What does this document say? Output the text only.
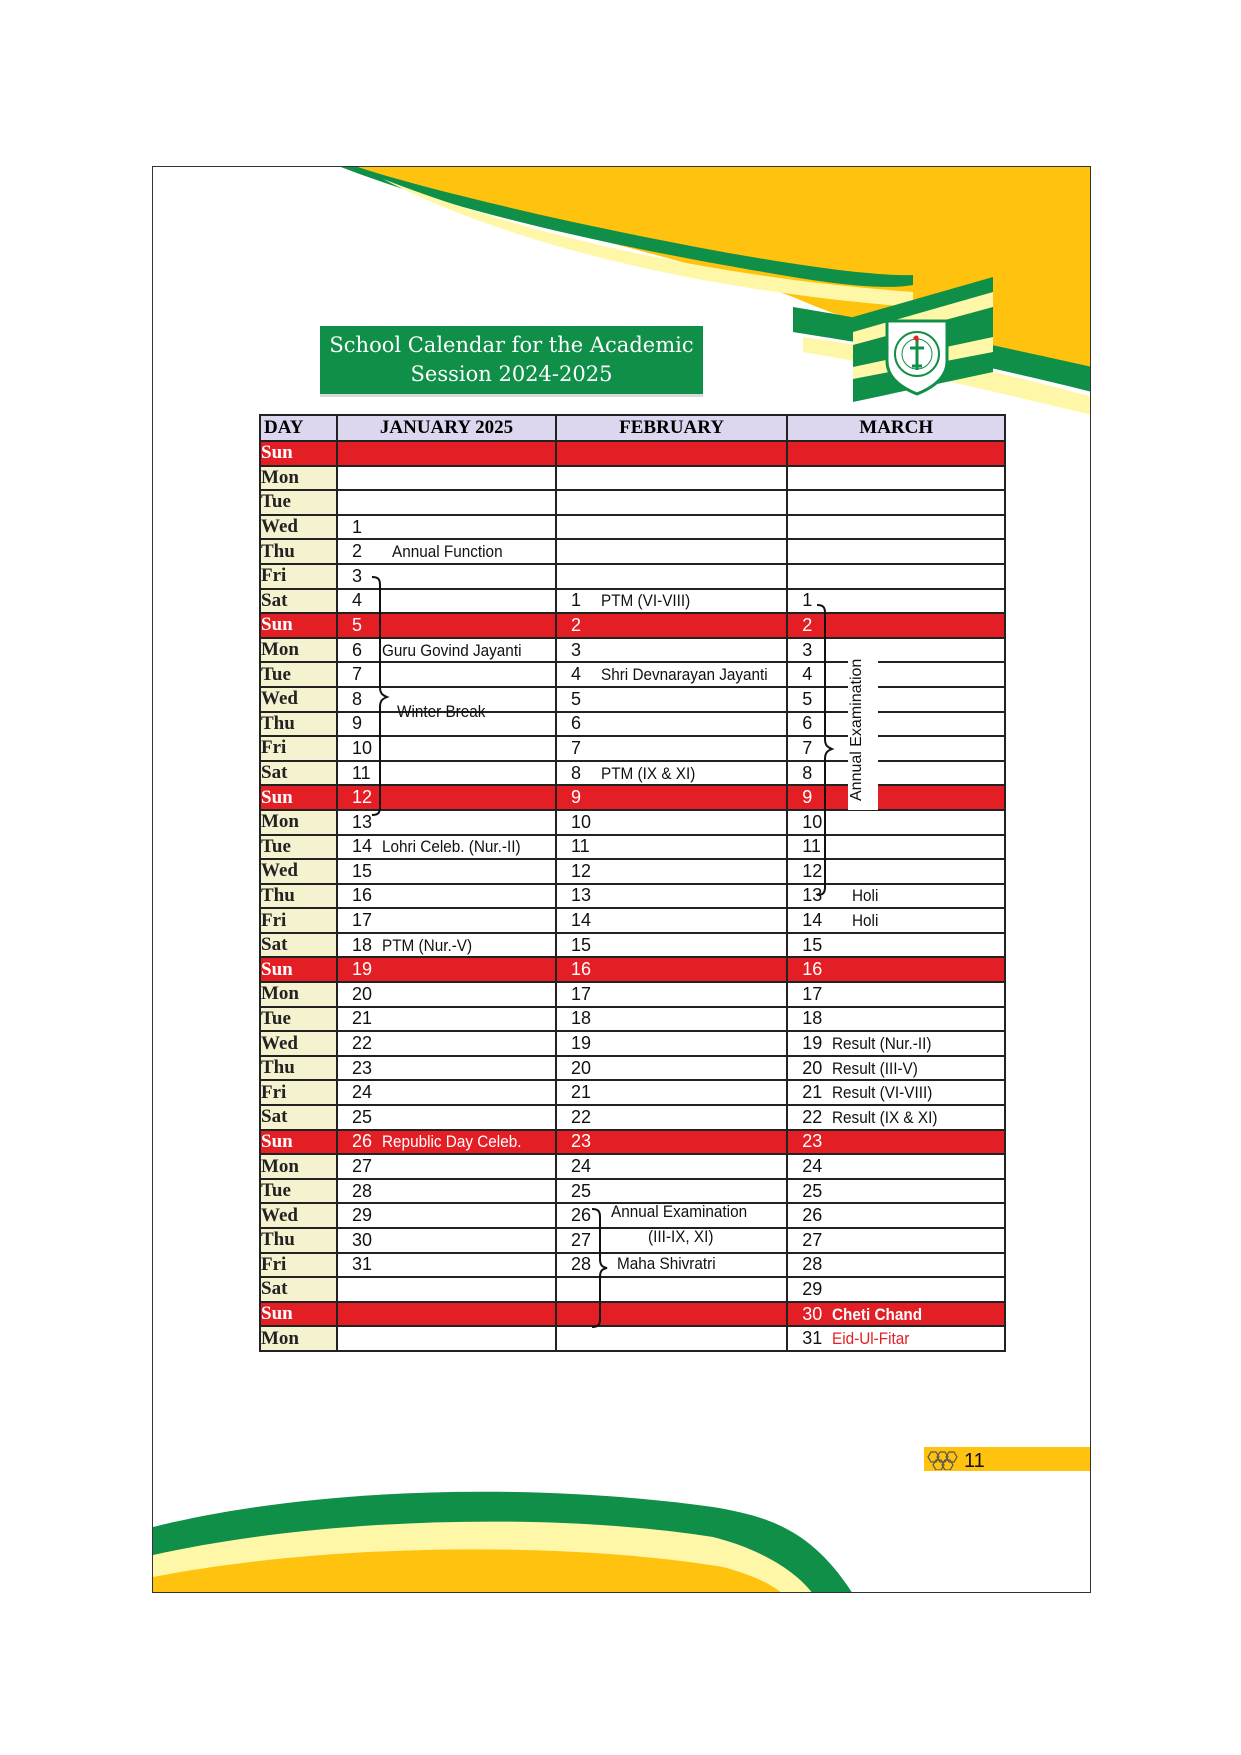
School Calendar for the Academic
Session 2024-2025
DAY	JANUARY 2025	FEBRUARY	MARCH
Sun			
Mon			
Tue			
Wed	1		
Thu	2 Annual Function		
Fri	3		
Sat	4	1 PTM (VI-VIII)	1
Sun	5	2	2
Mon	6 Guru Govind Jayanti	3	3
Tue	7	4 Shri Devnarayan Jayanti	4
Wed	8	5	5
Thu	9	6	6
Fri	10	7	7
Sat	11	8 PTM (IX & XI)	8
Sun	12	9	9
Mon	13	10	10
Tue	14 Lohri Celeb. (Nur.-II)	11	11
Wed	15	12	12
Thu	16	13	13 Holi
Fri	17	14	14 Holi
Sat	18 PTM (Nur.-V)	15	15
Sun	19	16	16
Mon	20	17	17
Tue	21	18	18
Wed	22	19	19 Result (Nur.-II)
Thu	23	20	20 Result (III-V)
Fri	24	21	21 Result (VI-VIII)
Sat	25	22	22 Result (IX & XI)
Sun	26 Republic Day Celeb.	23	23
Mon	27	24	24
Tue	28	25	25
Wed	29	26	26
Thu	30	27	27
Fri	31	28	28
Sat			29
Sun			30 Cheti Chand
Mon			31 Eid-Ul-Fitar
Winter Break
Annual Examination
(III-IX, XI)
Maha Shivratri
Annual Examination
11
